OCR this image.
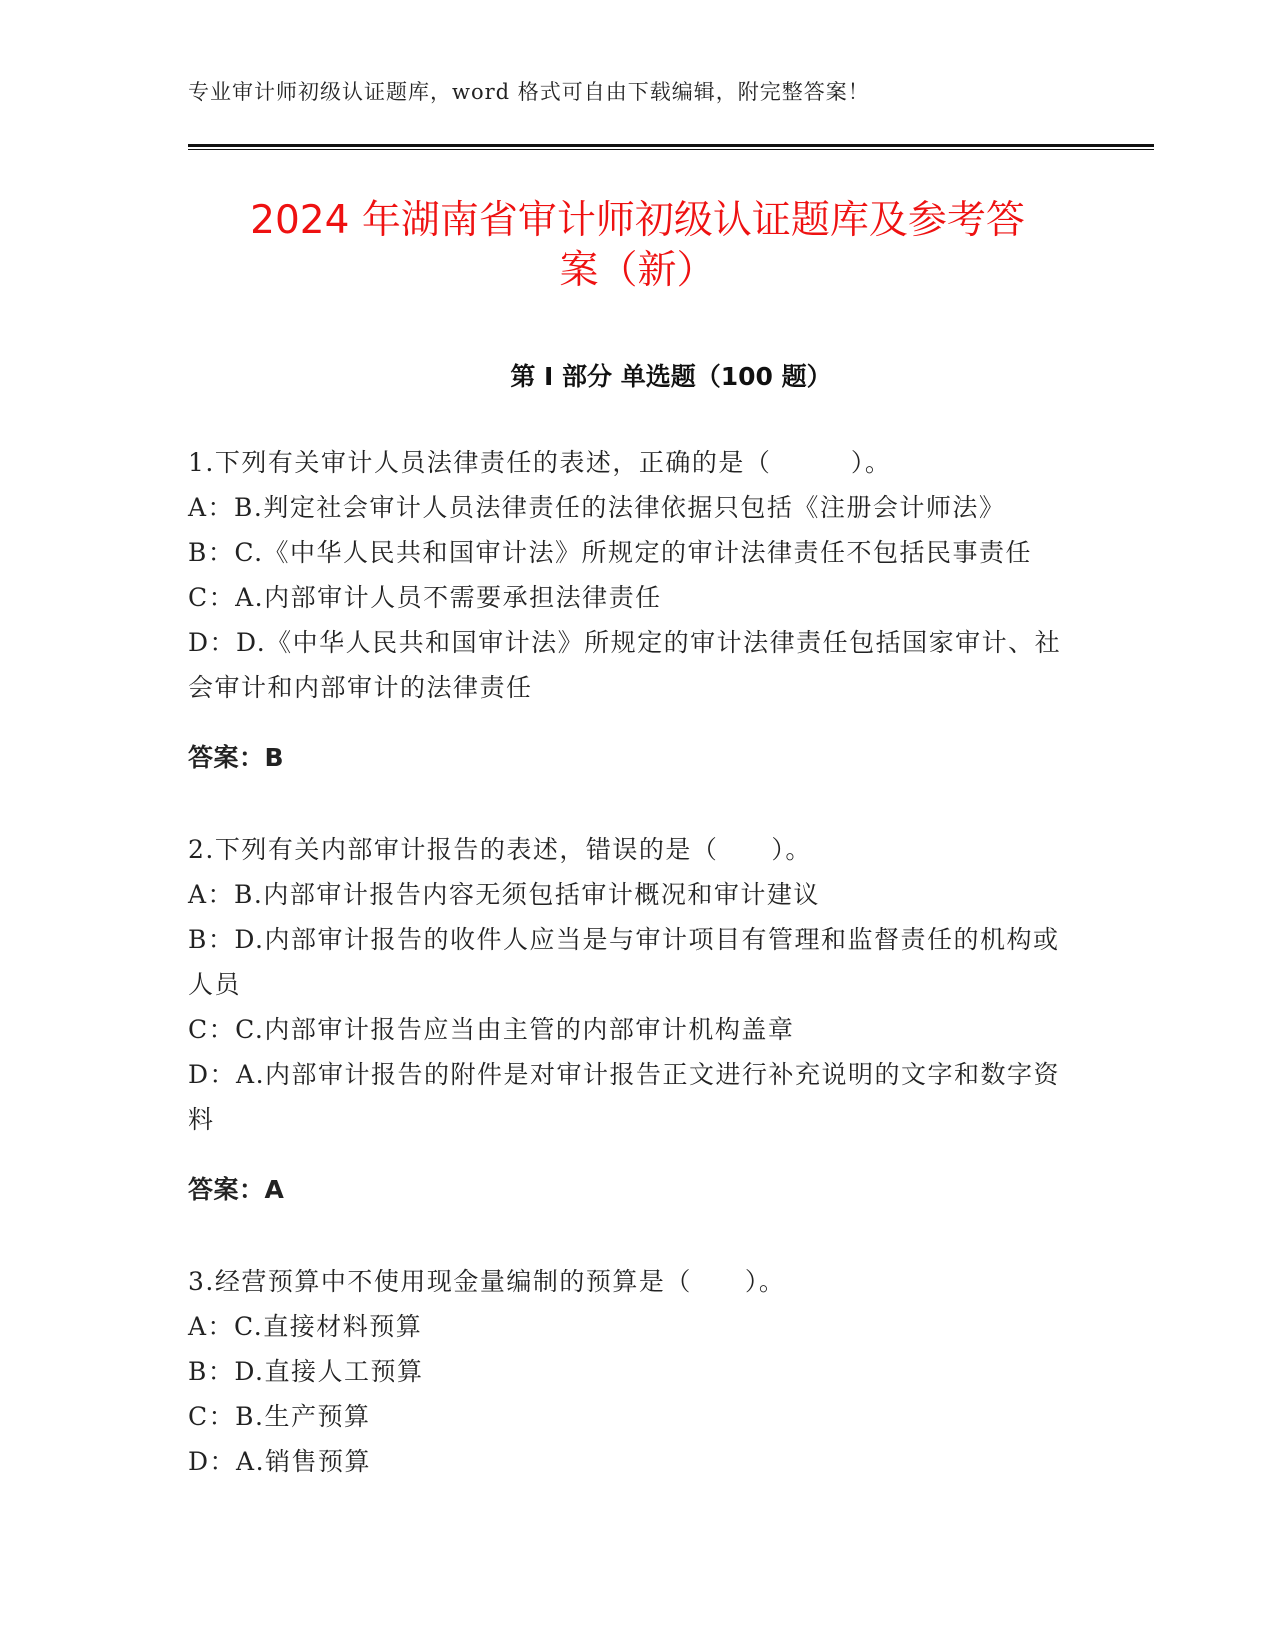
专业审计师初级认证题库，word 格式可自由下载编辑，附完整答案！
2024 年湖南省审计师初级认证题库及参考答
案（新）
第 I 部分 单选题（100 题）

1.下列有关审计人员法律责任的表述，正确的是（　　　）。

A：B.判定社会审计人员法律责任的法律依据只包括《注册会计师法》

B：C.《中华人民共和国审计法》所规定的审计法律责任不包括民事责任

C：A.内部审计人员不需要承担法律责任

D：D.《中华人民共和国审计法》所规定的审计法律责任包括国家审计、社会审计和内部审计的法律责任

答案：B

2.下列有关内部审计报告的表述，错误的是（　　）。

A：B.内部审计报告内容无须包括审计概况和审计建议

B：D.内部审计报告的收件人应当是与审计项目有管理和监督责任的机构或人员

C：C.内部审计报告应当由主管的内部审计机构盖章

D：A.内部审计报告的附件是对审计报告正文进行补充说明的文字和数字资料

答案：A

3.经营预算中不使用现金量编制的预算是（　　）。

A：C.直接材料预算

B：D.直接人工预算

C：B.生产预算

D：A.销售预算
